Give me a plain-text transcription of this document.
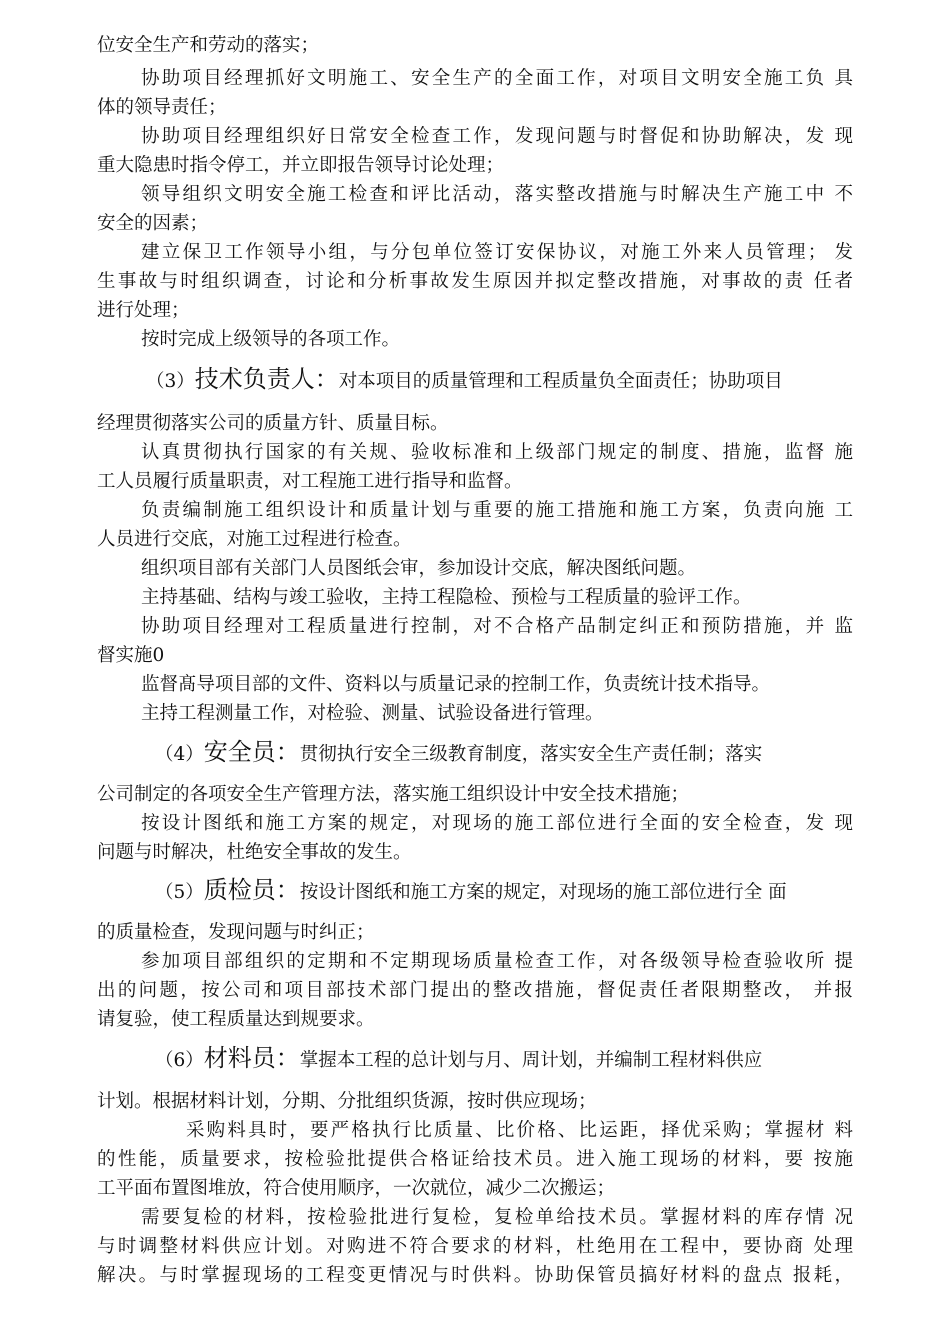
位安全生产和劳动的落实；
协助项目经理抓好文明施工、安全生产的全面工作，对项目文明安全施工负 具
体的领导责任；
协助项目经理组织好日常安全检查工作，发现问题与时督促和协助解决，发 现
重大隐患时指令停工，并立即报告领导讨论处理；
领导组织文明安全施工检查和评比活动，落实整改措施与时解决生产施工中 不
安全的因素；
建立保卫工作领导小组，与分包单位签订安保协议，对施工外来人员管理； 发
生事故与时组织调查，讨论和分析事故发生原因并拟定整改措施，对事故的责 任者
进行处理；
按时完成上级领导的各项工作。
（3）技术负责人：对本项目的质量管理和工程质量负全面责任；协助项目
经理贯彻落实公司的质量方针、质量目标。
认真贯彻执行国家的有关规、验收标准和上级部门规定的制度、措施，监督 施
工人员履行质量职责，对工程施工进行指导和监督。
负责编制施工组织设计和质量计划与重要的施工措施和施工方案，负责向施 工
人员进行交底，对施工过程进行检查。
组织项目部有关部门人员图纸会审，参加设计交底，解决图纸问题。
主持基础、结构与竣工验收，主持工程隐检、预检与工程质量的验评工作。
协助项目经理对工程质量进行控制，对不合格产品制定纠正和预防措施，并 监
督实施0
监督髙导项目部的文件、资料以与质量记录的控制工作，负责统计技术指导。
主持工程测量工作，对检验、测量、试验设备进行管理。
（4）安全员：贯彻执行安全三级教育制度，落实安全生产责任制；落实
公司制定的各项安全生产管理方法，落实施工组织设计中安全技术措施；
按设计图纸和施工方案的规定，对现场的施工部位进行全面的安全检查，发 现
问题与时解决，杜绝安全事故的发生。
（5）质检员：按设计图纸和施工方案的规定，对现场的施工部位进行全 面
的质量检查，发现问题与时纠正；
参加项目部组织的定期和不定期现场质量检查工作，对各级领导检查验收所 提
出的问题，按公司和项目部技术部门提出的整改措施，督促责任者限期整改， 并报
请复验，使工程质量达到规要求。
（6）材料员：掌握本工程的总计划与月、周计划，并编制工程材料供应
计划。根据材料计划，分期、分批组织货源，按时供应现场；
采购料具时，要严格执行比质量、比价格、比运距，择优采购；掌握材 料
的性能，质量要求，按检验批提供合格证给技术员。进入施工现场的材料，要 按施
工平面布置图堆放，符合使用顺序，一次就位，减少二次搬运；
需要复检的材料，按检验批进行复检，复检单给技术员。掌握材料的库存情 况
与时调整材料供应计划。对购进不符合要求的材料，杜绝用在工程中，要协商 处理
解决。与时掌握现场的工程变更情况与时供料。协助保管员搞好材料的盘点 报耗，
